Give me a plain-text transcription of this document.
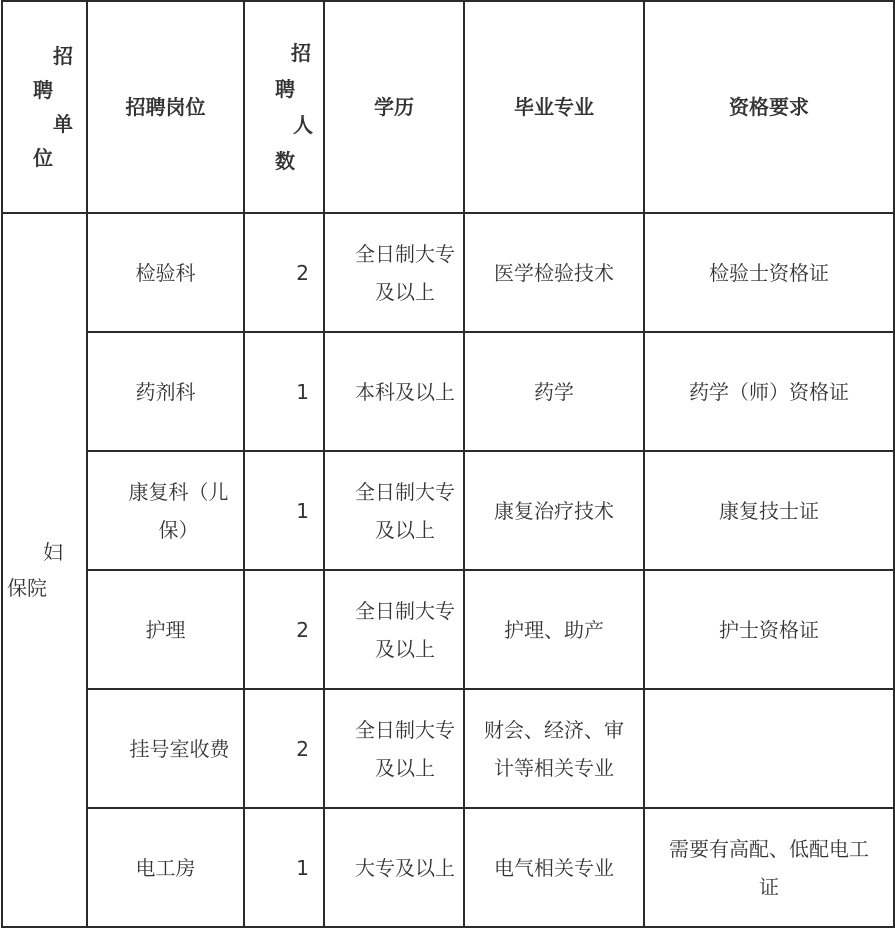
招
聘
单
位	招聘岗位	招
聘
人
数	学历	毕业专业	资格要求

妇
保院	检验科	2	全日制大专及以上	医学检验技术	检验士资格证

	药剂科	1	本科及以上	药学	药学（师）资格证

	康复科（儿保）	1	全日制大专及以上	康复治疗技术	康复技士证

	护理	2	全日制大专及以上	护理、助产	护士资格证

	挂号室收费	2	全日制大专及以上	财会、经济、审计等相关专业	

	电工房	1	大专及以上	电气相关专业	需要有高配、低配电工证
